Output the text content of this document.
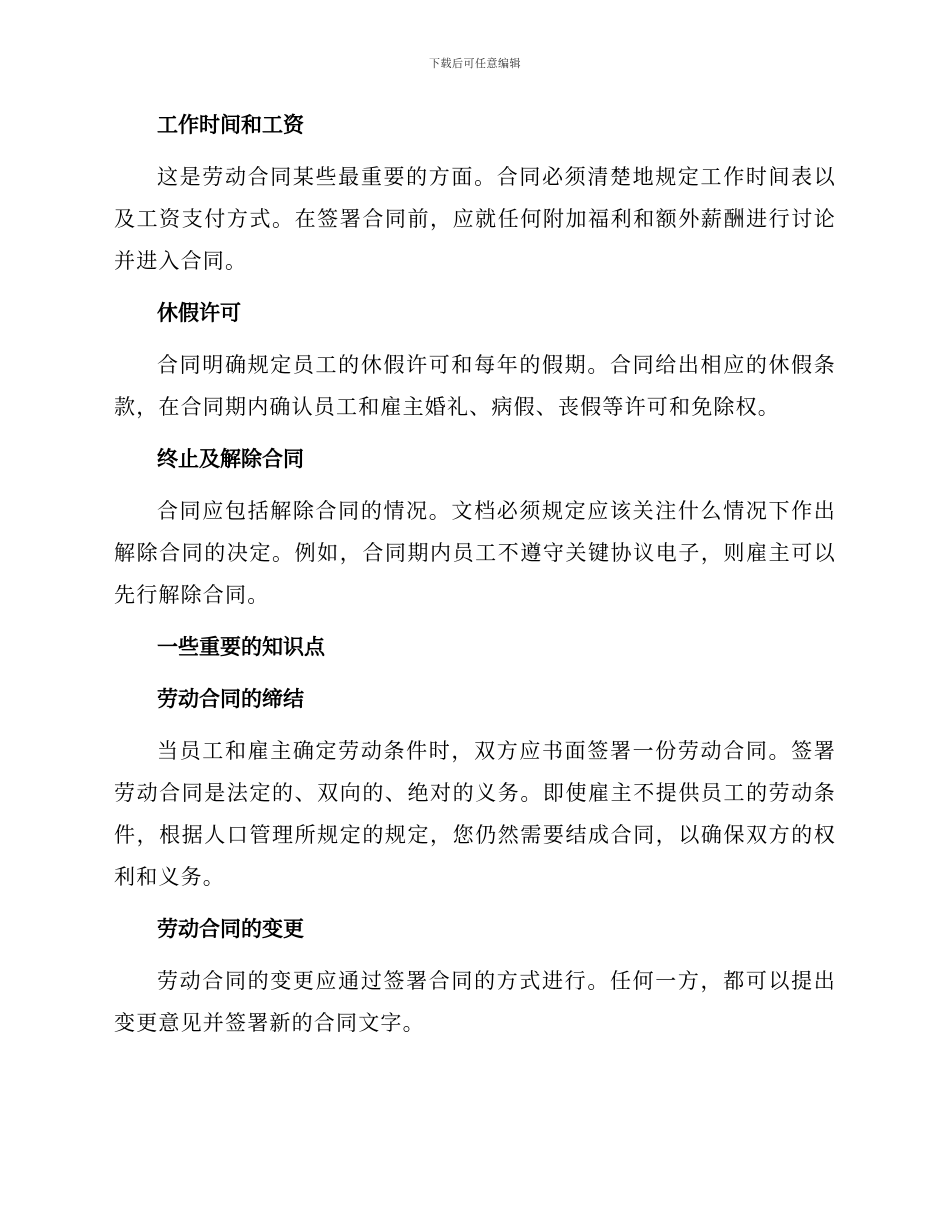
下载后可任意编辑
工作时间和工资

这是劳动合同某些最重要的方面。合同必须清楚地规定工作时间表以及工资支付方式。在签署合同前，应就任何附加福利和额外薪酬进行讨论并进入合同。

休假许可

合同明确规定员工的休假许可和每年的假期。合同给出相应的休假条款，在合同期内确认员工和雇主婚礼、病假、丧假等许可和免除权。

终止及解除合同

合同应包括解除合同的情况。文档必须规定应该关注什么情况下作出解除合同的决定。例如，合同期内员工不遵守关键协议电子，则雇主可以先行解除合同。

一些重要的知识点
劳动合同的缔结

当员工和雇主确定劳动条件时，双方应书面签署一份劳动合同。签署劳动合同是法定的、双向的、绝对的义务。即使雇主不提供员工的劳动条件，根据人口管理所规定的规定，您仍然需要结成合同，以确保双方的权利和义务。

劳动合同的变更

劳动合同的变更应通过签署合同的方式进行。任何一方，都可以提出变更意见并签署新的合同文字。
